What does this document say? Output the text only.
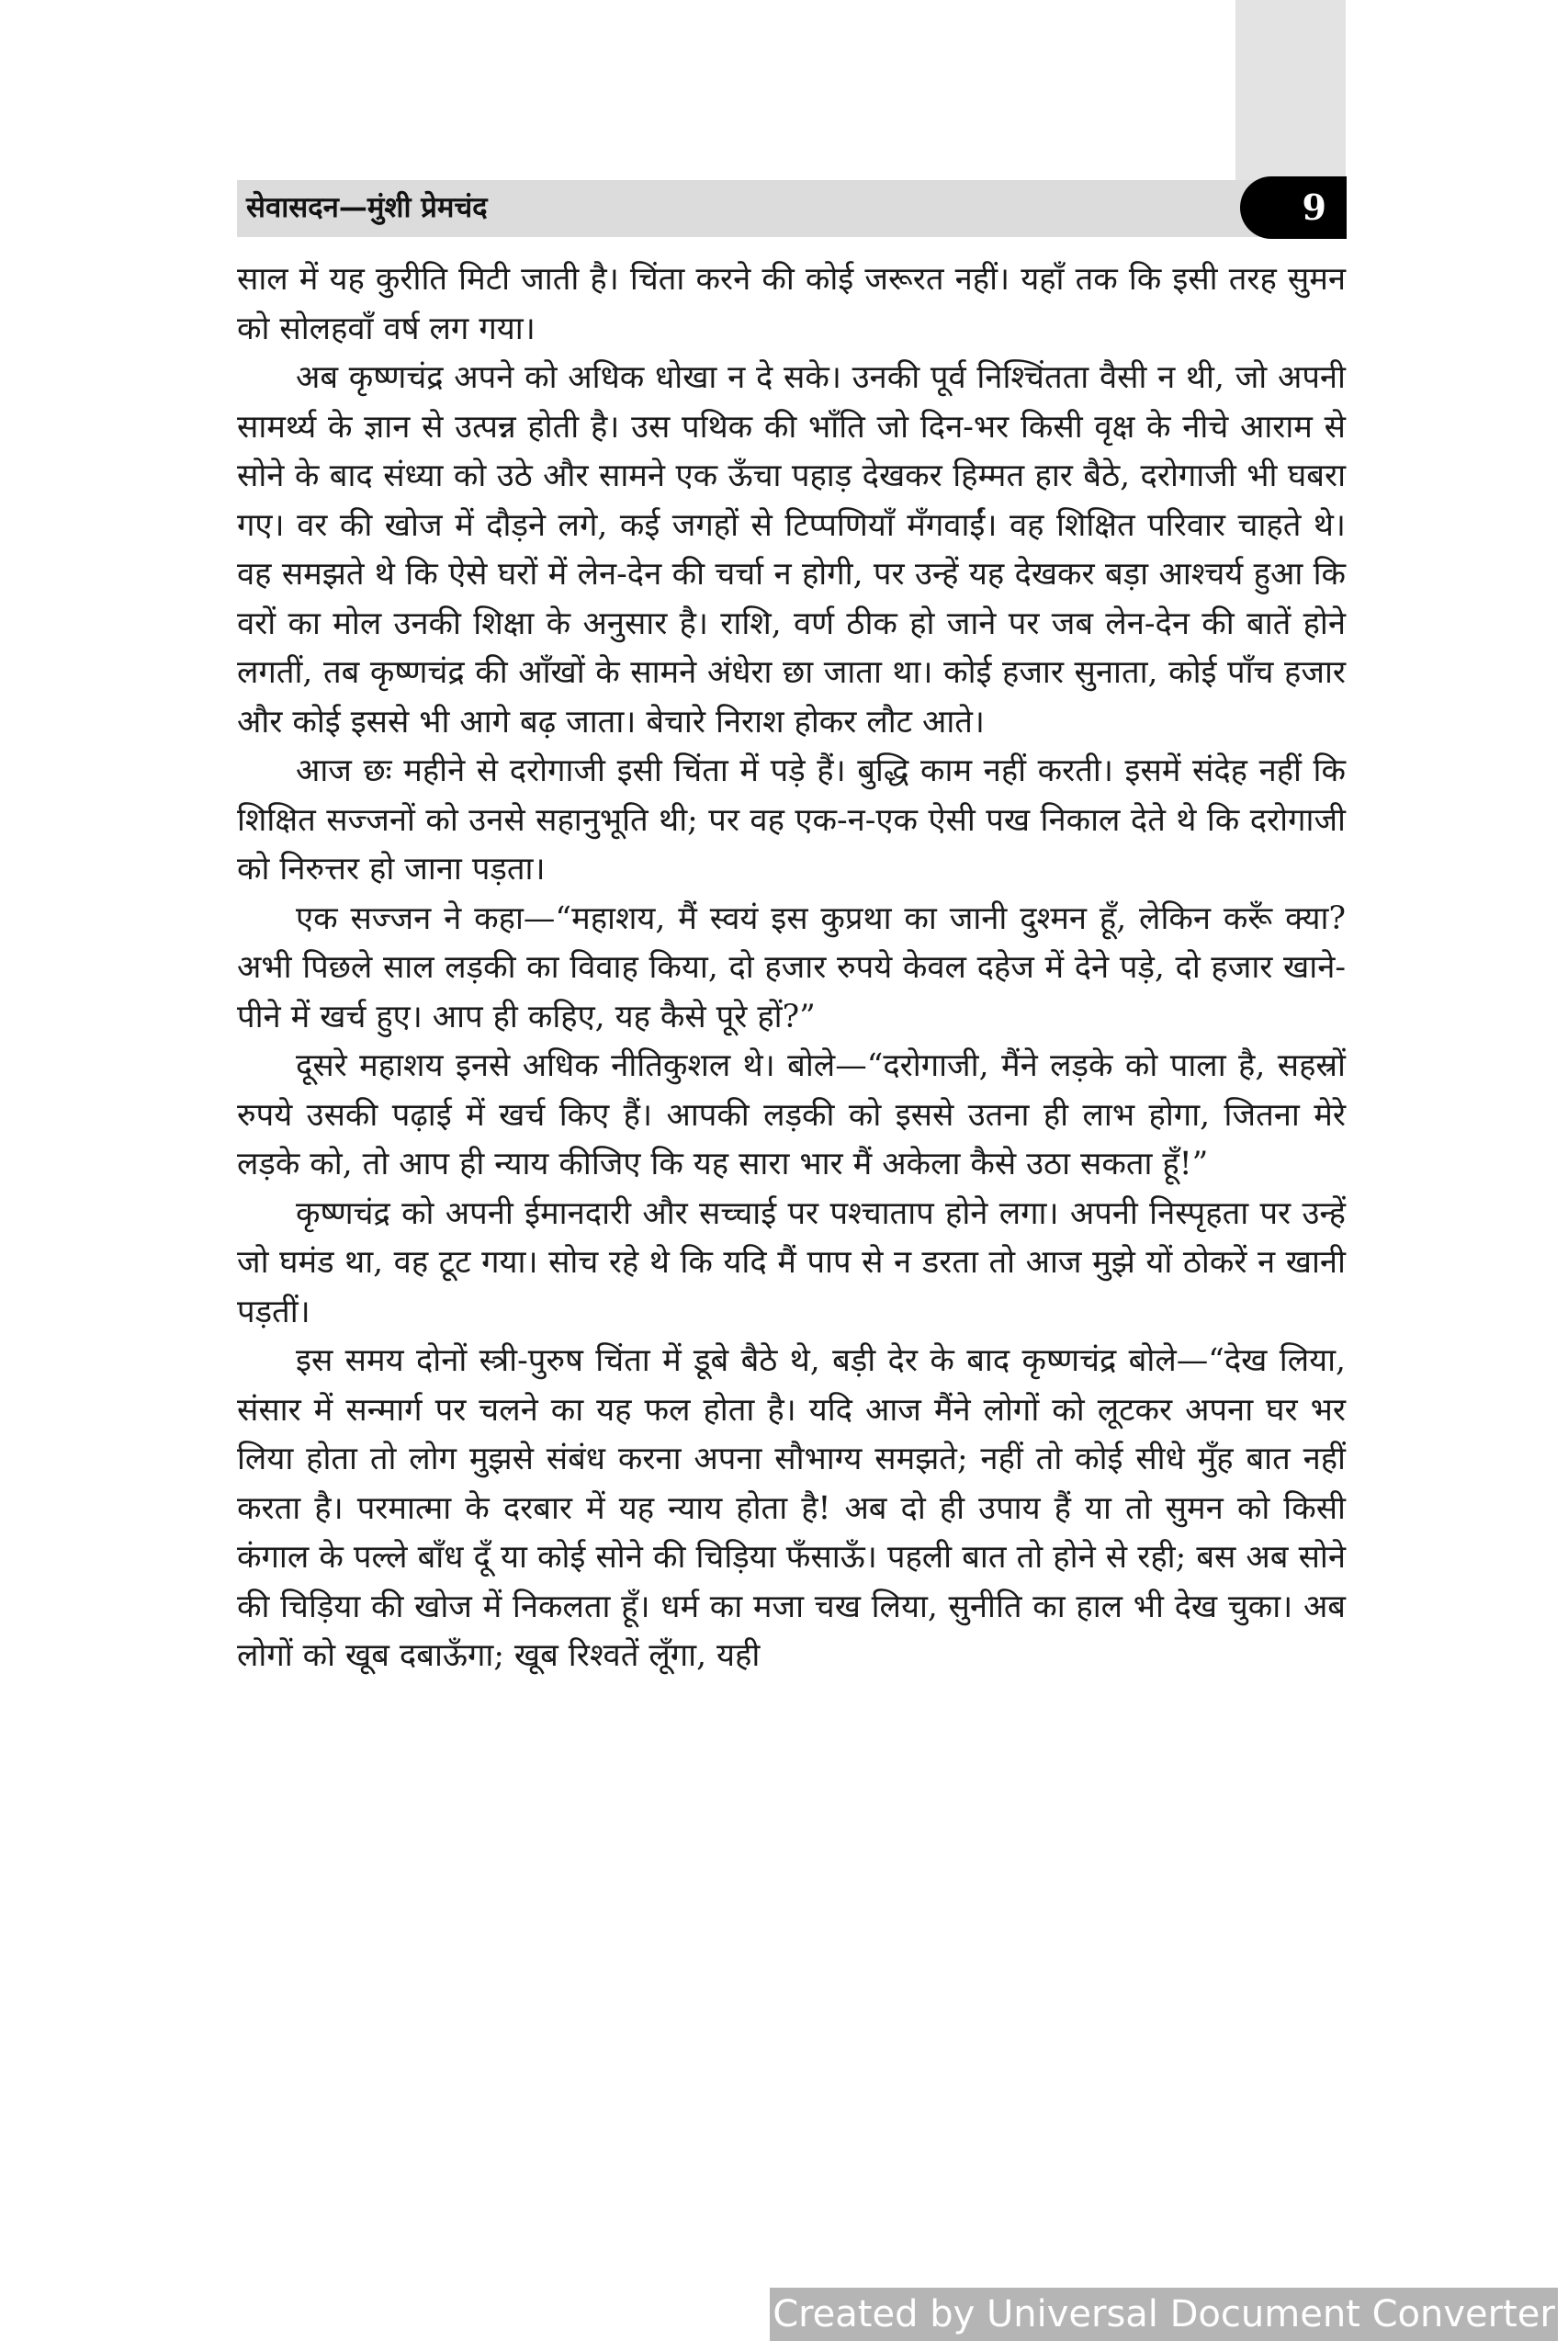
सेवासदन—मुंशी प्रेमचंद	9

साल में यह कुरीति मिटी जाती है। चिंता करने की कोई जरूरत नहीं। यहाँ तक कि इसी तरह सुमन को सोलहवाँ वर्ष लग गया।

अब कृष्णचंद्र अपने को अधिक धोखा न दे सके। उनकी पूर्व निश्चिंतता वैसी न थी, जो अपनी सामर्थ्य के ज्ञान से उत्पन्न होती है। उस पथिक की भाँति जो दिन-भर किसी वृक्ष के नीचे आराम से सोने के बाद संध्या को उठे और सामने एक ऊँचा पहाड़ देखकर हिम्मत हार बैठे, दरोगाजी भी घबरा गए। वर की खोज में दौड़ने लगे, कई जगहों से टिप्पणियाँ मँगवाईं। वह शिक्षित परिवार चाहते थे। वह समझते थे कि ऐसे घरों में लेन-देन की चर्चा न होगी, पर उन्हें यह देखकर बड़ा आश्चर्य हुआ कि वरों का मोल उनकी शिक्षा के अनुसार है। राशि, वर्ण ठीक हो जाने पर जब लेन-देन की बातें होने लगतीं, तब कृष्णचंद्र की आँखों के सामने अंधेरा छा जाता था। कोई हजार सुनाता, कोई पाँच हजार और कोई इससे भी आगे बढ़ जाता। बेचारे निराश होकर लौट आते।

आज छः महीने से दरोगाजी इसी चिंता में पड़े हैं। बुद्धि काम नहीं करती। इसमें संदेह नहीं कि शिक्षित सज्जनों को उनसे सहानुभूति थी; पर वह एक-न-एक ऐसी पख निकाल देते थे कि दरोगाजी को निरुत्तर हो जाना पड़ता।

एक सज्जन ने कहा—“महाशय, मैं स्वयं इस कुप्रथा का जानी दुश्मन हूँ, लेकिन करूँ क्या? अभी पिछले साल लड़की का विवाह किया, दो हजार रुपये केवल दहेज में देने पड़े, दो हजार खाने-पीने में खर्च हुए। आप ही कहिए, यह कैसे पूरे हों?”

दूसरे महाशय इनसे अधिक नीतिकुशल थे। बोले—“दरोगाजी, मैंने लड़के को पाला है, सहस्रों रुपये उसकी पढ़ाई में खर्च किए हैं। आपकी लड़की को इससे उतना ही लाभ होगा, जितना मेरे लड़के को, तो आप ही न्याय कीजिए कि यह सारा भार मैं अकेला कैसे उठा सकता हूँ!”

कृष्णचंद्र को अपनी ईमानदारी और सच्चाई पर पश्चाताप होने लगा। अपनी निस्पृहता पर उन्हें जो घमंड था, वह टूट गया। सोच रहे थे कि यदि मैं पाप से न डरता तो आज मुझे यों ठोकरें न खानी पड़तीं।

इस समय दोनों स्त्री-पुरुष चिंता में डूबे बैठे थे, बड़ी देर के बाद कृष्णचंद्र बोले—“देख लिया, संसार में सन्मार्ग पर चलने का यह फल होता है। यदि आज मैंने लोगों को लूटकर अपना घर भर लिया होता तो लोग मुझसे संबंध करना अपना सौभाग्य समझते; नहीं तो कोई सीधे मुँह बात नहीं करता है। परमात्मा के दरबार में यह न्याय होता है! अब दो ही उपाय हैं या तो सुमन को किसी कंगाल के पल्ले बाँध दूँ या कोई सोने की चिड़िया फँसाऊँ। पहली बात तो होने से रही; बस अब सोने की चिड़िया की खोज में निकलता हूँ। धर्म का मजा चख लिया, सुनीति का हाल भी देख चुका। अब लोगों को खूब दबाऊँगा; खूब रिश्वतें लूँगा, यही

Created by Universal Document Converter
